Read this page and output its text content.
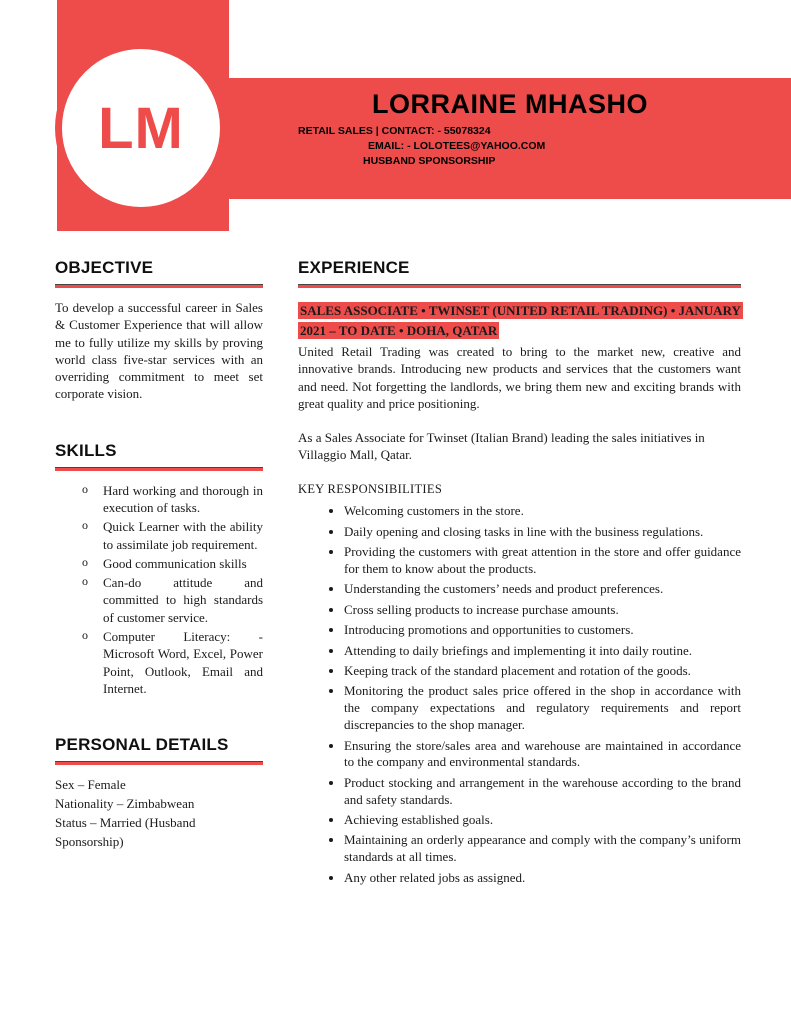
LORRAINE MHASHO
RETAIL SALES | CONTACT: - 55078324
EMAIL: - LOLOTEES@YAHOO.COM
HUSBAND SPONSORSHIP
LM
OBJECTIVE

To develop a successful career in Sales & Customer Experience that will allow me to fully utilize my skills by proving world class five-star services with an overriding commitment to meet set corporate vision.

SKILLS
o Hard working and thorough in execution of tasks.
o Quick Learner with the ability to assimilate job requirement.
o Good communication skills
o Can-do attitude and committed to high standards of customer service.
o Computer Literacy: - Microsoft Word, Excel, Power Point, Outlook, Email and Internet.
PERSONAL DETAILS
Sex – Female
Nationality – Zimbabwean
Status – Married (Husband Sponsorship)
EXPERIENCE

SALES ASSOCIATE • TWINSET (UNITED RETAIL TRADING) • JANUARY 2021 – TO DATE • DOHA, QATAR

United Retail Trading was created to bring to the market new, creative and innovative brands. Introducing new products and services that the customers want and need. Not forgetting the landlords, we bring them new and exciting brands with great quality and price positioning.

As a Sales Associate for Twinset (Italian Brand) leading the sales initiatives in Villaggio Mall, Qatar.

KEY RESPONSIBILITIES
• Welcoming customers in the store.
• Daily opening and closing tasks in line with the business regulations.
• Providing the customers with great attention in the store and offer guidance for them to know about the products.
• Understanding the customers’ needs and product preferences.
• Cross selling products to increase purchase amounts.
• Introducing promotions and opportunities to customers.
• Attending to daily briefings and implementing it into daily routine.
• Keeping track of the standard placement and rotation of the goods.
• Monitoring the product sales price offered in the shop in accordance with the company expectations and regulatory requirements and report discrepancies to the shop manager.
• Ensuring the store/sales area and warehouse are maintained in accordance to the company and environmental standards.
• Product stocking and arrangement in the warehouse according to the brand and safety standards.
• Achieving established goals.
• Maintaining an orderly appearance and comply with the company’s uniform standards at all times.
• Any other related jobs as assigned.
